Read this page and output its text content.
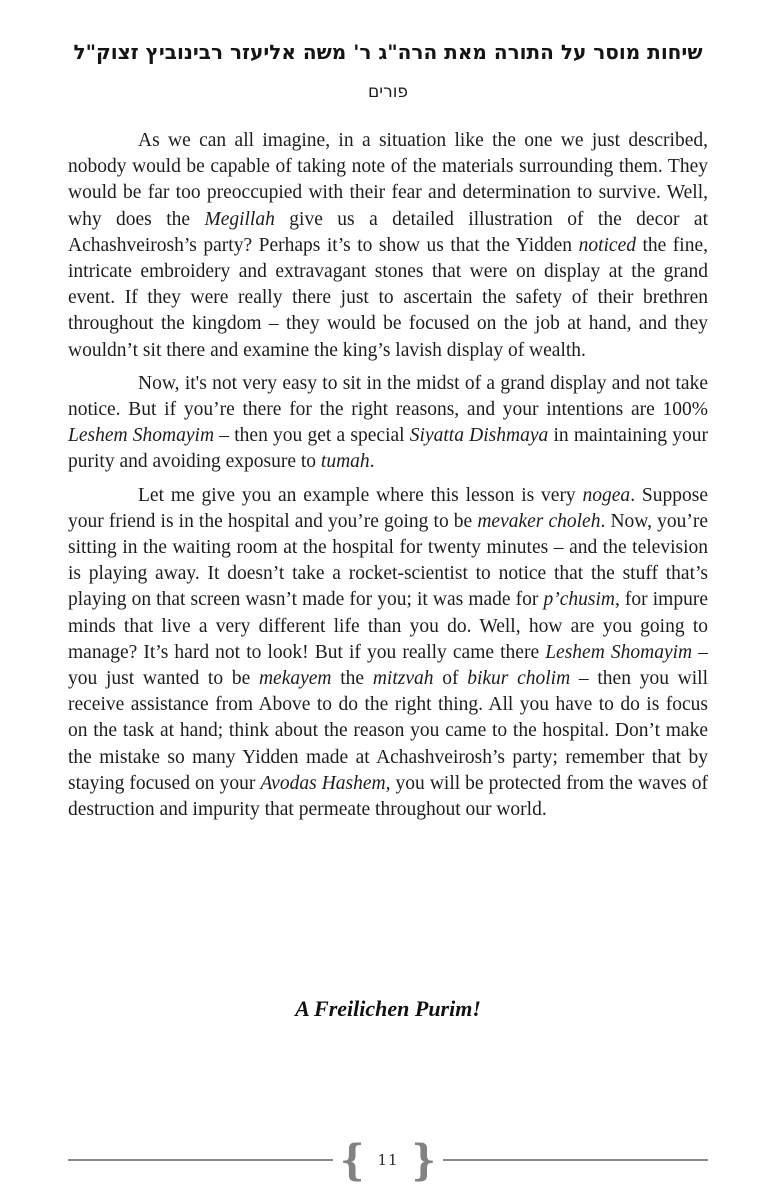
שיחות מוסר על התורה מאת הרה"ג ר' משה אליעזר רבינוביץ זצוק"ל
פורים

As we can all imagine, in a situation like the one we just described, nobody would be capable of taking note of the materials surrounding them. They would be far too preoccupied with their fear and determination to survive. Well, why does the Megillah give us a detailed illustration of the decor at Achashveirosh’s party? Perhaps it’s to show us that the Yidden noticed the fine, intricate embroidery and extravagant stones that were on display at the grand event. If they were really there just to ascertain the safety of their brethren throughout the kingdom – they would be focused on the job at hand, and they wouldn’t sit there and examine the king’s lavish display of wealth.

Now, it's not very easy to sit in the midst of a grand display and not take notice. But if you’re there for the right reasons, and your intentions are 100% Leshem Shomayim – then you get a special Siyatta Dishmaya in maintaining your purity and avoiding exposure to tumah.

Let me give you an example where this lesson is very nogea. Suppose your friend is in the hospital and you’re going to be mevaker choleh. Now, you’re sitting in the waiting room at the hospital for twenty minutes – and the television is playing away. It doesn’t take a rocket-scientist to notice that the stuff that’s playing on that screen wasn’t made for you; it was made for p’chusim, for impure minds that live a very different life than you do. Well, how are you going to manage? It’s hard not to look! But if you really came there Leshem Shomayim – you just wanted to be mekayem the mitzvah of bikur cholim – then you will receive assistance from Above to do the right thing. All you have to do is focus on the task at hand; think about the reason you came to the hospital. Don’t make the mistake so many Yidden made at Achashveirosh’s party; remember that by staying focused on your Avodas Hashem, you will be protected from the waves of destruction and impurity that permeate throughout our world.

A Freilichen Purim!
{ 11 }
